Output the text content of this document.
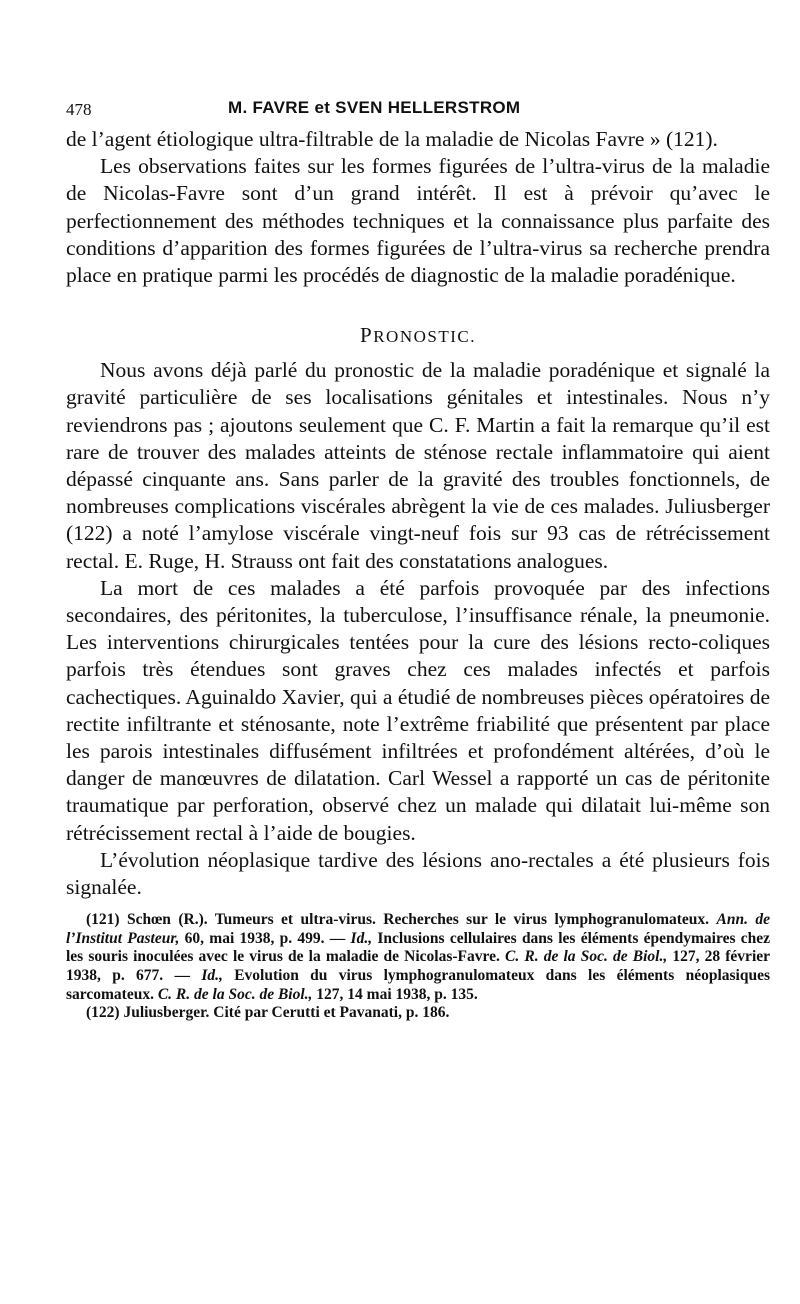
478	M. FAVRE et SVEN HELLERSTROM

de l’agent étiologique ultra-filtrable de la maladie de Nicolas Favre » (121).

Les observations faites sur les formes figurées de l’ultra-virus de la maladie de Nicolas-Favre sont d’un grand intérêt. Il est à prévoir qu’avec le perfectionnement des méthodes techniques et la connaissance plus parfaite des conditions d’apparition des formes figurées de l’ultra-virus sa recherche prendra place en pratique parmi les procédés de diagnostic de la maladie poradénique.

PRONOSTIC.

Nous avons déjà parlé du pronostic de la maladie poradénique et signalé la gravité particulière de ses localisations génitales et intestinales. Nous n’y reviendrons pas ; ajoutons seulement que C. F. Martin a fait la remarque qu’il est rare de trouver des malades atteints de sténose rectale inflammatoire qui aient dépassé cinquante ans. Sans parler de la gravité des troubles fonctionnels, de nombreuses complications viscérales abrègent la vie de ces malades. Juliusberger (122) a noté l’amylose viscérale vingt-neuf fois sur 93 cas de rétrécissement rectal. E. Ruge, H. Strauss ont fait des constatations analogues.

La mort de ces malades a été parfois provoquée par des infections secondaires, des péritonites, la tuberculose, l’insuffisance rénale, la pneumonie. Les interventions chirurgicales tentées pour la cure des lésions recto-coliques parfois très étendues sont graves chez ces malades infectés et parfois cachectiques. Aguinaldo Xavier, qui a étudié de nombreuses pièces opératoires de rectite infiltrante et sténosante, note l’extrême friabilité que présentent par place les parois intestinales diffusément infiltrées et profondément altérées, d’où le danger de manœuvres de dilatation. Carl Wessel a rapporté un cas de péritonite traumatique par perforation, observé chez un malade qui dilatait lui-même son rétrécissement rectal à l’aide de bougies.

L’évolution néoplasique tardive des lésions ano-rectales a été plusieurs fois signalée.

(121) Schœn (R.). Tumeurs et ultra-virus. Recherches sur le virus lymphogranulomateux. Ann. de l’Institut Pasteur, 60, mai 1938, p. 499. — Id., Inclusions cellulaires dans les éléments épendymaires chez les souris inoculées avec le virus de la maladie de Nicolas-Favre. C. R. de la Soc. de Biol., 127, 28 février 1938, p. 677. — Id., Evolution du virus lymphogranulomateux dans les éléments néoplasiques sarcomateux. C. R. de la Soc. de Biol., 127, 14 mai 1938, p. 135.

(122) Juliusberger. Cité par Cerutti et Pavanati, p. 186.
